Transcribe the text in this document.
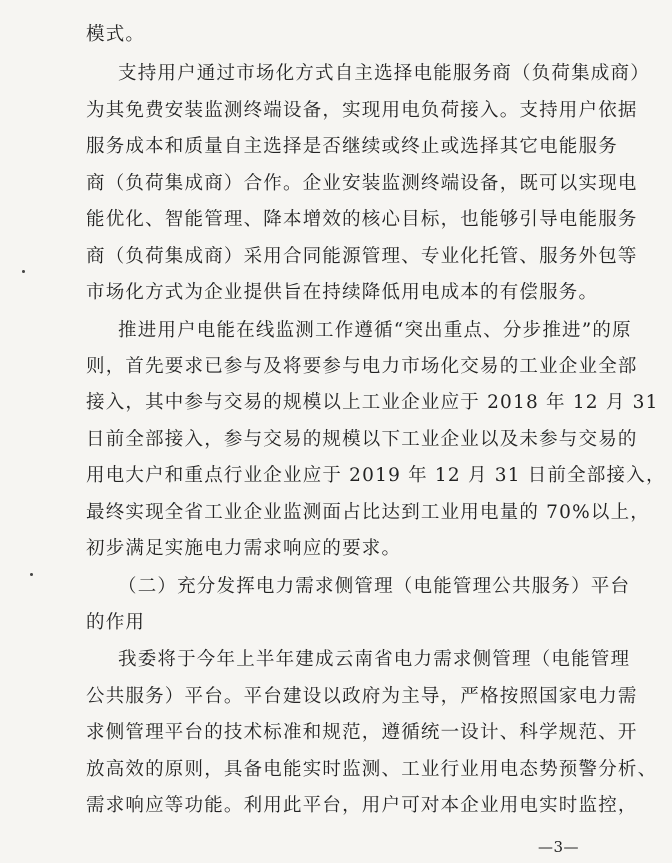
模式。
支持用户通过市场化方式自主选择电能服务商（负荷集成商）
为其免费安装监测终端设备，实现用电负荷接入。支持用户依据
服务成本和质量自主选择是否继续或终止或选择其它电能服务
商（负荷集成商）合作。企业安装监测终端设备，既可以实现电
能优化、智能管理、降本增效的核心目标，也能够引导电能服务
商（负荷集成商）采用合同能源管理、专业化托管、服务外包等
市场化方式为企业提供旨在持续降低用电成本的有偿服务。
推进用户电能在线监测工作遵循“突出重点、分步推进”的原
则，首先要求已参与及将要参与电力市场化交易的工业企业全部
接入，其中参与交易的规模以上工业企业应于 2018 年 12 月 31
日前全部接入，参与交易的规模以下工业企业以及未参与交易的
用电大户和重点行业企业应于 2019 年 12 月 31 日前全部接入，
最终实现全省工业企业监测面占比达到工业用电量的 70%以上，
初步满足实施电力需求响应的要求。
（二）充分发挥电力需求侧管理（电能管理公共服务）平台
的作用
我委将于今年上半年建成云南省电力需求侧管理（电能管理
公共服务）平台。平台建设以政府为主导，严格按照国家电力需
求侧管理平台的技术标准和规范，遵循统一设计、科学规范、开
放高效的原则，具备电能实时监测、工业行业用电态势预警分析、
—3—
需求响应等功能。利用此平台，用户可对本企业用电实时监控，
